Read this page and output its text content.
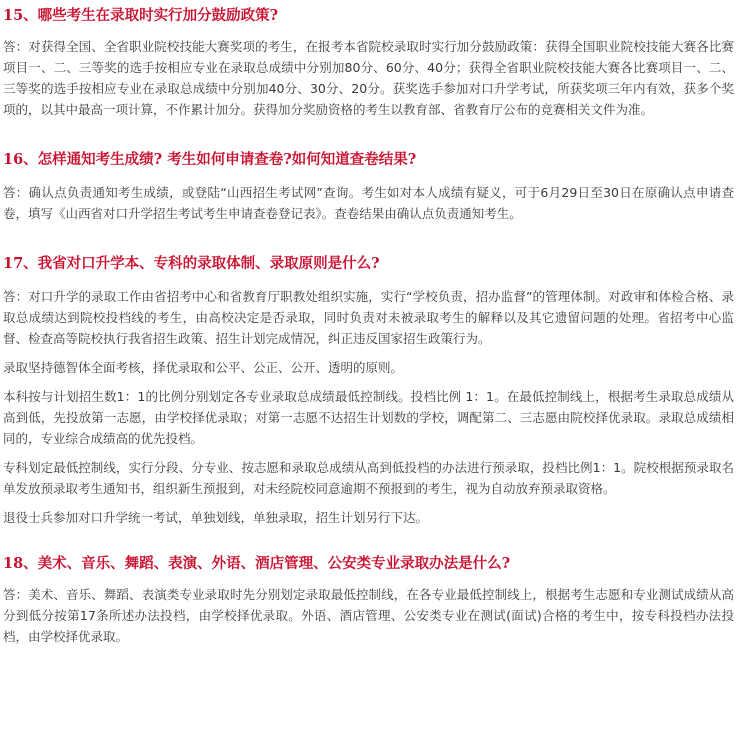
15、哪些考生在录取时实行加分鼓励政策?

答：对获得全国、全省职业院校技能大赛奖项的考生，在报考本省院校录取时实行加分鼓励政策：获得全国职业院校技能大赛各比赛项目一、二、三等奖的选手按相应专业在录取总成绩中分别加80分、60分、40分；获得全省职业院校技能大赛各比赛项目一、二、三等奖的选手按相应专业在录取总成绩中分别加40分、30分、20分。获奖选手参加对口升学考试，所获奖项三年内有效，获多个奖项的，以其中最高一项计算，不作累计加分。获得加分奖励资格的考生以教育部、省教育厅公布的竞赛相关文件为准。

16、怎样通知考生成绩? 考生如何申请查卷?如何知道查卷结果?

答：确认点负责通知考生成绩，或登陆“山西招生考试网”查询。考生如对本人成绩有疑义，可于6月29日至30日在原确认点申请查卷，填写《山西省对口升学招生考试考生申请查卷登记表》。查卷结果由确认点负责通知考生。

17、我省对口升学本、专科的录取体制、录取原则是什么?

答：对口升学的录取工作由省招考中心和省教育厅职教处组织实施，实行“学校负责，招办监督”的管理体制。对政审和体检合格、录取总成绩达到院校投档线的考生，由高校决定是否录取，同时负责对未被录取考生的解释以及其它遗留问题的处理。省招考中心监督、检查高等院校执行我省招生政策、招生计划完成情况，纠正违反国家招生政策行为。

录取坚持德智体全面考核，择优录取和公平、公正、公开、透明的原则。

本科按与计划招生数1：1的比例分别划定各专业录取总成绩最低控制线。投档比例 1：1。在最低控制线上，根据考生录取总成绩从高到低，先投放第一志愿，由学校择优录取；对第一志愿不达招生计划数的学校，调配第二、三志愿由院校择优录取。录取总成绩相同的，专业综合成绩高的优先投档。

专科划定最低控制线，实行分段、分专业、按志愿和录取总成绩从高到低投档的办法进行预录取，投档比例1：1。院校根据预录取名单发放预录取考生通知书，组织新生预报到，对未经院校同意逾期不预报到的考生，视为自动放弃预录取资格。

退役士兵参加对口升学统一考试，单独划线，单独录取，招生计划另行下达。

18、美术、音乐、舞蹈、表演、外语、酒店管理、公安类专业录取办法是什么?

答：美术、音乐、舞蹈、表演类专业录取时先分别划定录取最低控制线，在各专业最低控制线上，根据考生志愿和专业测试成绩从高分到低分按第17条所述办法投档，由学校择优录取。外语、酒店管理、公安类专业在测试(面试)合格的考生中，按专科投档办法投档，由学校择优录取。
